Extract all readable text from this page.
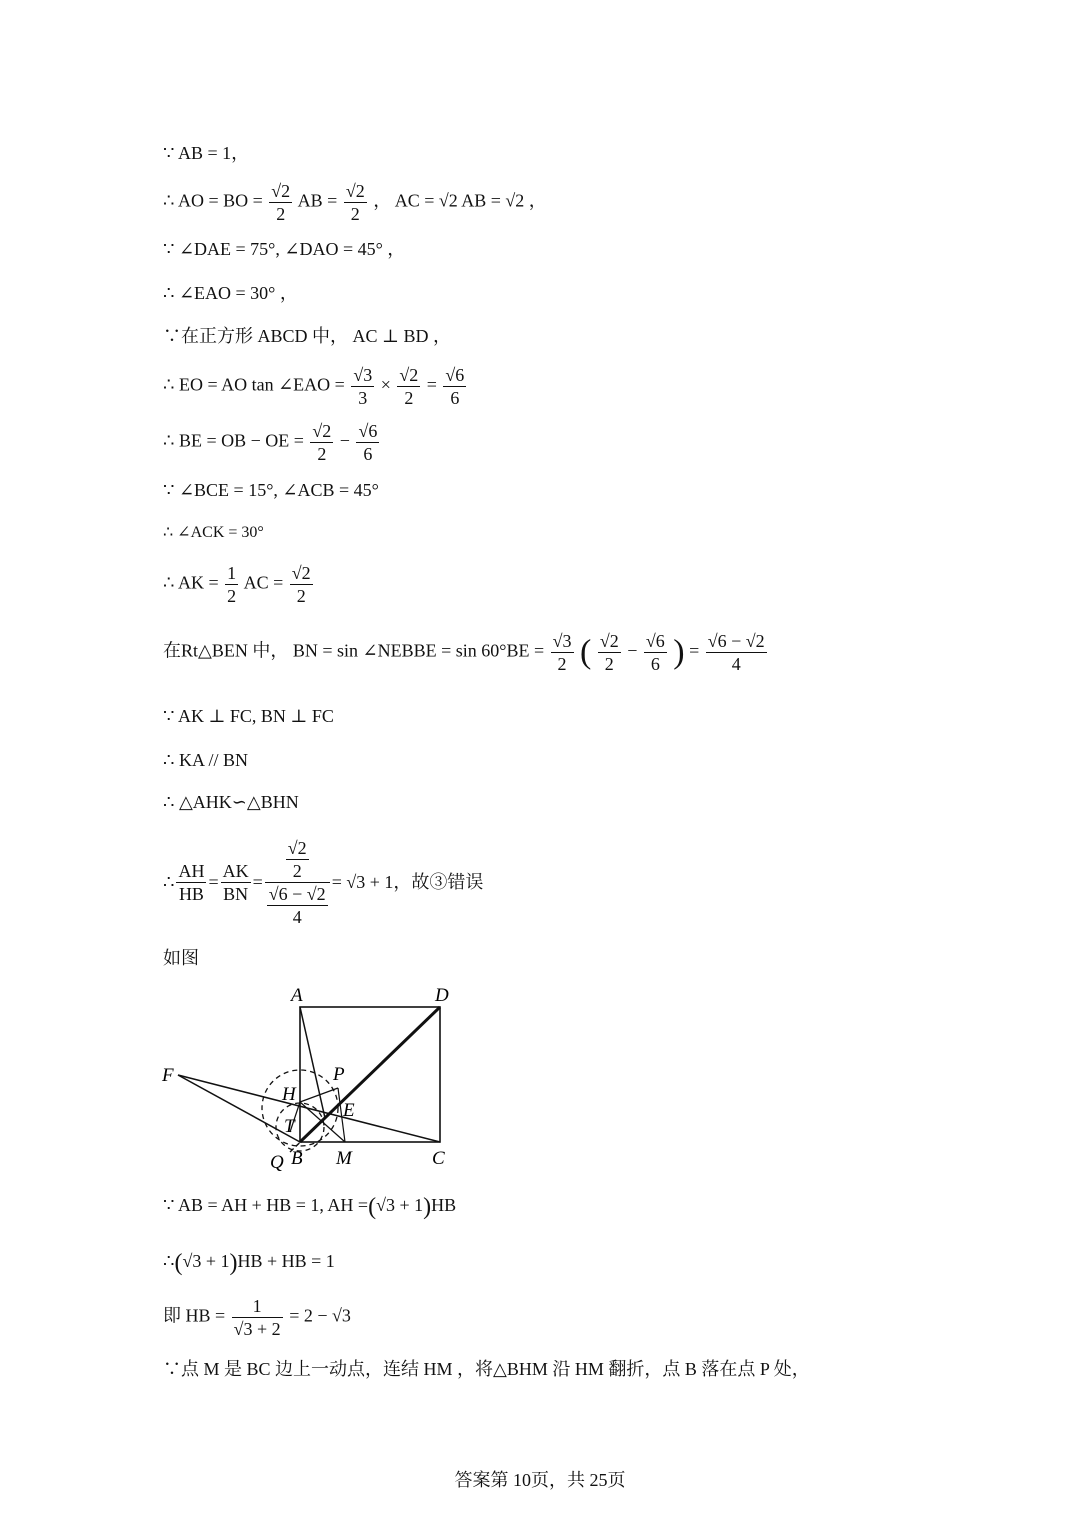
∵ AB = 1，
∴ AO = BO = $\frac{√2}{2}$ AB = $\frac{√2}{2}$ ， AC = √2 AB = √2 ，
∵ ∠DAE = 75°, ∠DAO = 45° ，
∴ ∠EAO = 30° ，
∵在正方形 ABCD 中， AC ⊥ BD ，
∴ EO = AO tan ∠EAO = $\frac{√3}{3} \times \frac{√2}{2} = \frac{√6}{6}$
∴ BE = OB − OE = $\frac{√2}{2} - \frac{√6}{6}$
∵ ∠BCE = 15°, ∠ACB = 45°
∴ ∠ACK = 30°
∴ AK = $\frac{1}{2}$ AC = $\frac{√2}{2}$
在Rt△BEN 中， BN = sin ∠NEBBE = $\sin 60^\circ BE = \frac{√3}{2}$ ( $\frac{√2}{2} - \frac{√6}{6}$ ) = $\frac{√6 - √2}{4}$
∵ AK ⊥ FC, BN ⊥ FC
∴ KA // BN
∴ △AHK∽△BHN
∴ $\frac{AH}{HB} = \frac{AK}{BN} = \frac{\frac{√2}{2}}{\frac{√6 - √2}{4}} = √3 + 1$，故③错误
如图
A	D
F	P
H
E
T
Q B M	C
∵ AB = AH + HB = 1, AH =(√3 + 1)HB
∴(√3 + 1)HB + HB = 1
即 HB = $\frac{1}{√3 + 2} = 2 - √3$
∵点 M 是 BC 边上一动点，连结 HM ，将△BHM 沿 HM 翻折，点 B 落在点 P 处，
答案第 10页，共 25页
